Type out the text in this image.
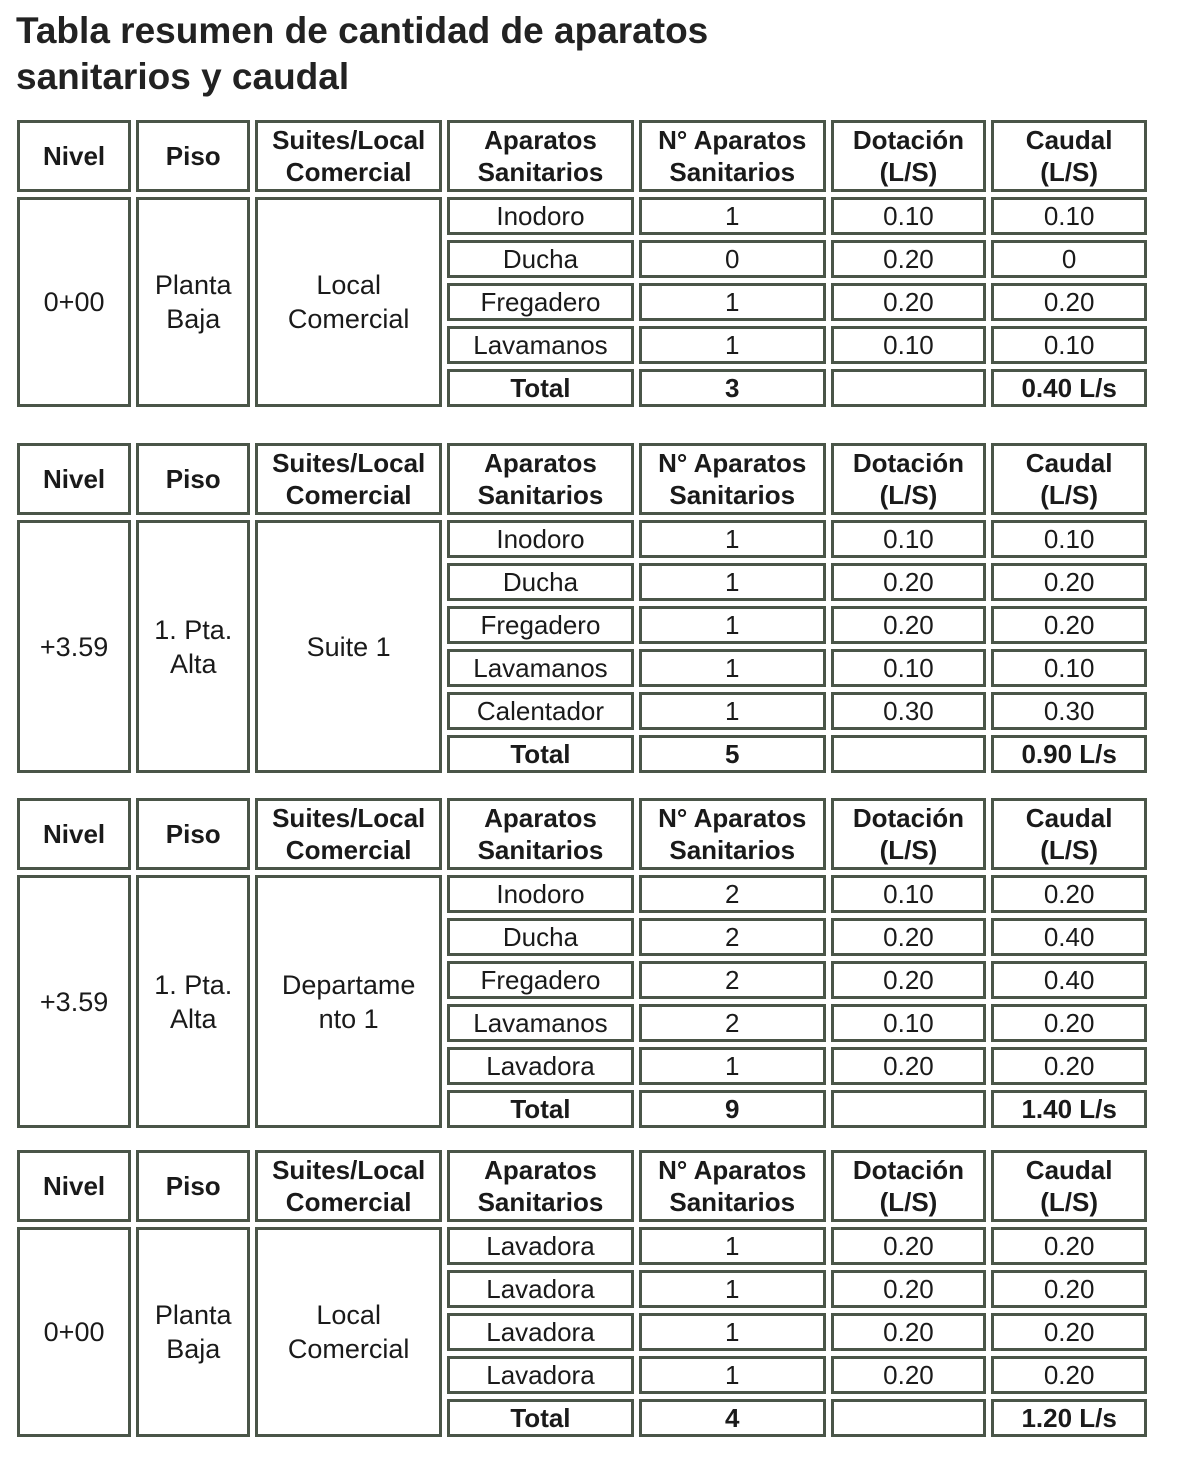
Tabla resumen de cantidad de aparatos
sanitarios y caudal
Nivel	Piso	Suites/Local Comercial	Aparatos Sanitarios	N° Aparatos Sanitarios	Dotación (L/S)	Caudal (L/S)
0+00	Planta Baja	Local Comercial	Inodoro	1	0.10	0.10
			Ducha	0	0.20	0
			Fregadero	1	0.20	0.20
			Lavamanos	1	0.10	0.10
			Total	3		0.40 L/s
Nivel	Piso	Suites/Local Comercial	Aparatos Sanitarios	N° Aparatos Sanitarios	Dotación (L/S)	Caudal (L/S)
+3.59	1. Pta. Alta	Suite 1	Inodoro	1	0.10	0.10
			Ducha	1	0.20	0.20
			Fregadero	1	0.20	0.20
			Lavamanos	1	0.10	0.10
			Calentador	1	0.30	0.30
			Total	5		0.90 L/s
Nivel	Piso	Suites/Local Comercial	Aparatos Sanitarios	N° Aparatos Sanitarios	Dotación (L/S)	Caudal (L/S)
+3.59	1. Pta. Alta	Departame nto 1	Inodoro	2	0.10	0.20
			Ducha	2	0.20	0.40
			Fregadero	2	0.20	0.40
			Lavamanos	2	0.10	0.20
			Lavadora	1	0.20	0.20
			Total	9		1.40 L/s
Nivel	Piso	Suites/Local Comercial	Aparatos Sanitarios	N° Aparatos Sanitarios	Dotación (L/S)	Caudal (L/S)
0+00	Planta Baja	Local Comercial	Lavadora	1	0.20	0.20
			Lavadora	1	0.20	0.20
			Lavadora	1	0.20	0.20
			Lavadora	1	0.20	0.20
			Total	4		1.20 L/s
